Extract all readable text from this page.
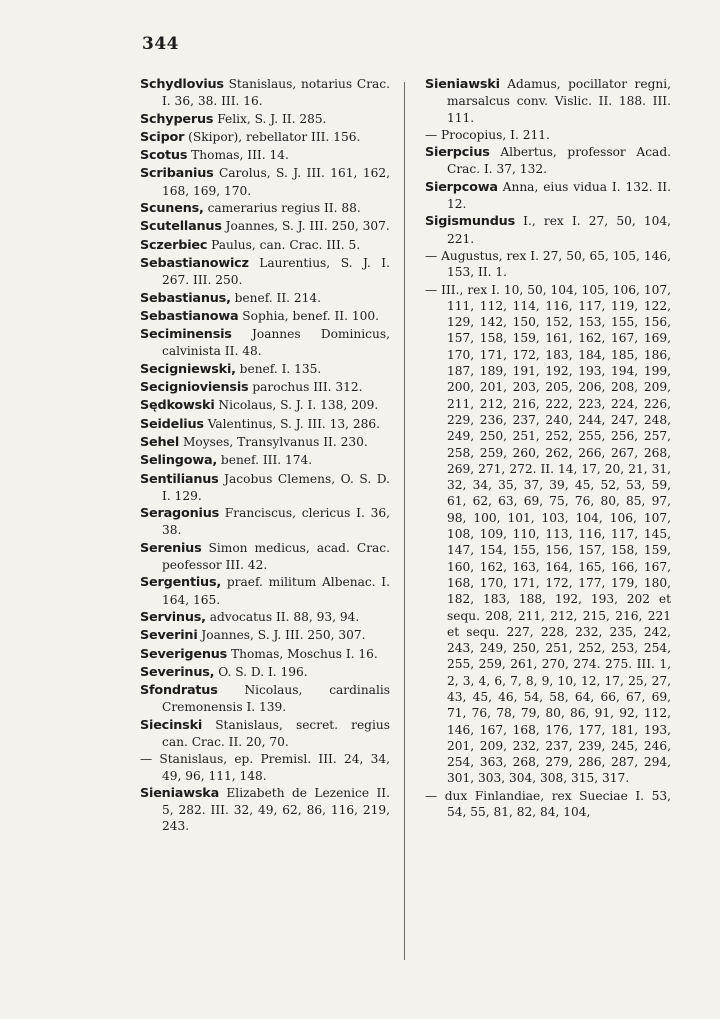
344
Schydlovius Stanislaus, notarius Crac. I. 36, 38. III. 16.
Schyperus Felix, S. J. II. 285.
Scipor (Skipor), rebellator III. 156.
Scotus Thomas, III. 14.
Scribanius Carolus, S. J. III. 161, 162, 168, 169, 170.
Scunens, camerarius regius II. 88.
Scutellanus Joannes, S. J. III. 250, 307.
Sczerbiec Paulus, can. Crac. III. 5.
Sebastianowicz Laurentius, S. J. I. 267. III. 250.
Sebastianus, benef. II. 214.
Sebastianowa Sophia, benef. II. 100.
Seciminensis Joannes Dominicus, calvinista II. 48.
Secigniewski, benef. I. 135.
Secignioviensis parochus III. 312.
Sędkowski Nicolaus, S. J. I. 138, 209.
Seidelius Valentinus, S. J. III. 13, 286.
Sehel Moyses, Transylvanus II. 230.
Selingowa, benef. III. 174.
Sentilianus Jacobus Clemens, O. S. D. I. 129.
Seragonius Franciscus, clericus I. 36, 38.
Serenius Simon medicus, acad. Crac. peofessor III. 42.
Sergentius, praef. militum Albenac. I. 164, 165.
Servinus, advocatus II. 88, 93, 94.
Severini Joannes, S. J. III. 250, 307.
Severigenus Thomas, Moschus I. 16.
Severinus, O. S. D. I. 196.
Sfondratus Nicolaus, cardinalis Cremonensis I. 139.
Siecinski Stanislaus, secret. regius can. Crac. II. 20, 70.
— Stanislaus, ep. Premisl. III. 24, 34, 49, 96, 111, 148.
Sieniawska Elizabeth de Lezenice II. 5, 282. III. 32, 49, 62, 86, 116, 219, 243.
Sieniawski Adamus, pocillator regni, marsalcus conv. Vislic. II. 188. III. 111.
— Procopius, I. 211.
Sierpcius Albertus, professor Acad. Crac. I. 37, 132.
Sierpcowa Anna, eius vidua I. 132. II. 12.
Sigismundus I., rex I. 27, 50, 104, 221.
— Augustus, rex I. 27, 50, 65, 105, 146, 153, II. 1.
— III., rex I. 10, 50, 104, 105, 106, 107, 111, 112, 114, 116, 117, 119, 122, 129, 142, 150, 152, 153, 155, 156, 157, 158, 159, 161, 162, 167, 169, 170, 171, 172, 183, 184, 185, 186, 187, 189, 191, 192, 193, 194, 199, 200, 201, 203, 205, 206, 208, 209, 211, 212, 216, 222, 223, 224, 226, 229, 236, 237, 240, 244, 247, 248, 249, 250, 251, 252, 255, 256, 257, 258, 259, 260, 262, 266, 267, 268, 269, 271, 272. II. 14, 17, 20, 21, 31, 32, 34, 35, 37, 39, 45, 52, 53, 59, 61, 62, 63, 69, 75, 76, 80, 85, 97, 98, 100, 101, 103, 104, 106, 107, 108, 109, 110, 113, 116, 117, 145, 147, 154, 155, 156, 157, 158, 159, 160, 162, 163, 164, 165, 166, 167, 168, 170, 171, 172, 177, 179, 180, 182, 183, 188, 192, 193, 202 et sequ. 208, 211, 212, 215, 216, 221 et sequ. 227, 228, 232, 235, 242, 243, 249, 250, 251, 252, 253, 254, 255, 259, 261, 270, 274. 275. III. 1, 2, 3, 4, 6, 7, 8, 9, 10, 12, 17, 25, 27, 43, 45, 46, 54, 58, 64, 66, 67, 69, 71, 76, 78, 79, 80, 86, 91, 92, 112, 146, 167, 168, 176, 177, 181, 193, 201, 209, 232, 237, 239, 245, 246, 254, 363, 268, 279, 286, 287, 294, 301, 303, 304, 308, 315, 317.
— dux Finlandiae, rex Sueciae I. 53, 54, 55, 81, 82, 84, 104,
